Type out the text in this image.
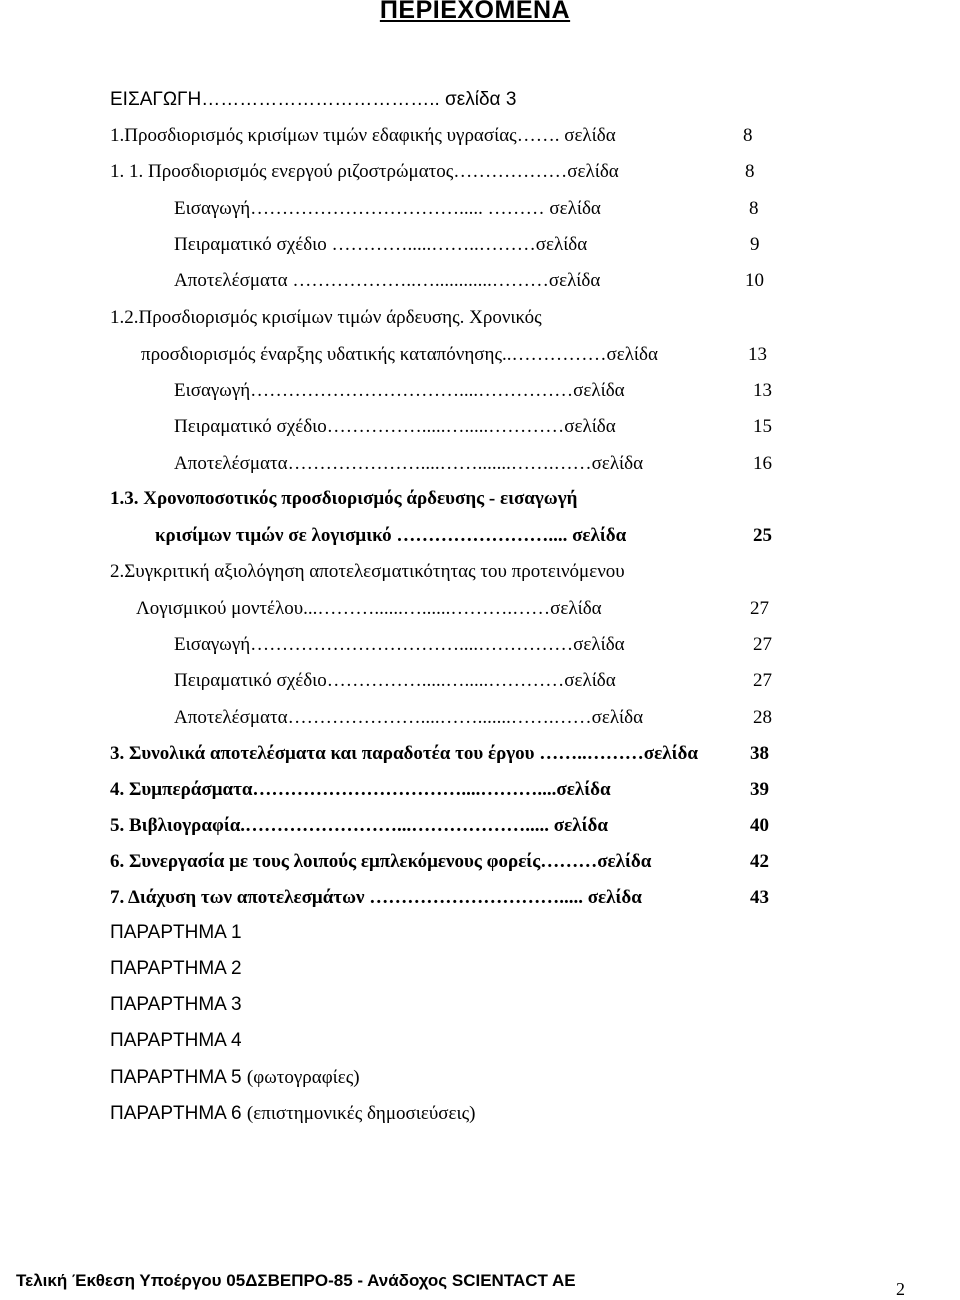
ΠΕΡΙΕΧΟΜΕΝΑ
ΕΙΣΑΓΩΓΗ……………………………….. σελίδα 3
1.Προσδιορισμός κρισίμων τιμών εδαφικής υγρασίας……. σελίδα	8
1. 1. Προσδιορισμός ενεργού ριζοστρώματος………………σελίδα	8
Εισαγωγή……………………………..... ……… σελίδα	8
Πειραματικό σχέδιο ………….....……..………σελίδα	9
Αποτελέσματα ………………..…............………σελίδα	10
1.2.Προσδιορισμός κρισίμων τιμών άρδευσης. Χρονικός
προσδιορισμός έναρξης υδατικής καταπόνησης..……………σελίδα	13
Εισαγωγή……………………………....……………σελίδα	13
Πειραματικό σχέδιο…………….....….....…………σελίδα	15
Αποτελέσματα…………………....…….......…….……σελίδα	16
1.3. Χρονοποσοτικός προσδιορισμός άρδευσης - εισαγωγή
κρισίμων τιμών σε λογισμικό …………………….... σελίδα	25
2.Συγκριτική αξιολόγηση αποτελεσματικότητας του προτεινόμενου
Λογισμικού μοντέλου...………......…......……….……σελίδα	27
Εισαγωγή……………………………....……………σελίδα	27
Πειραματικό σχέδιο…………….....….....…………σελίδα	27
Αποτελέσματα…………………....…….......…….……σελίδα	28
3. Συνολικά αποτελέσματα και παραδοτέα του έργου ……..………σελίδα	38
4. Συμπεράσματα……………………………....………....σελίδα	39
5. Βιβλιογραφία.……………………...………………..... σελίδα	40
6. Συνεργασία με τους λοιπούς εμπλεκόμενους φορείς………σελίδα	42
7. Διάχυση των αποτελεσμάτων …………………………..... σελίδα	43
ΠΑΡΑΡΤΗΜΑ 1
ΠΑΡΑΡΤΗΜΑ 2
ΠΑΡΑΡΤΗΜΑ 3
ΠΑΡΑΡΤΗΜΑ 4
ΠΑΡΑΡΤΗΜΑ 5 (φωτογραφίες)
ΠΑΡΑΡΤΗΜΑ 6 (επιστημονικές δημοσιεύσεις)
Τελική Έκθεση Υποέργου 05ΔΣΒΕΠΡΟ-85 - Ανάδοχος SCIENTACT AE	2
